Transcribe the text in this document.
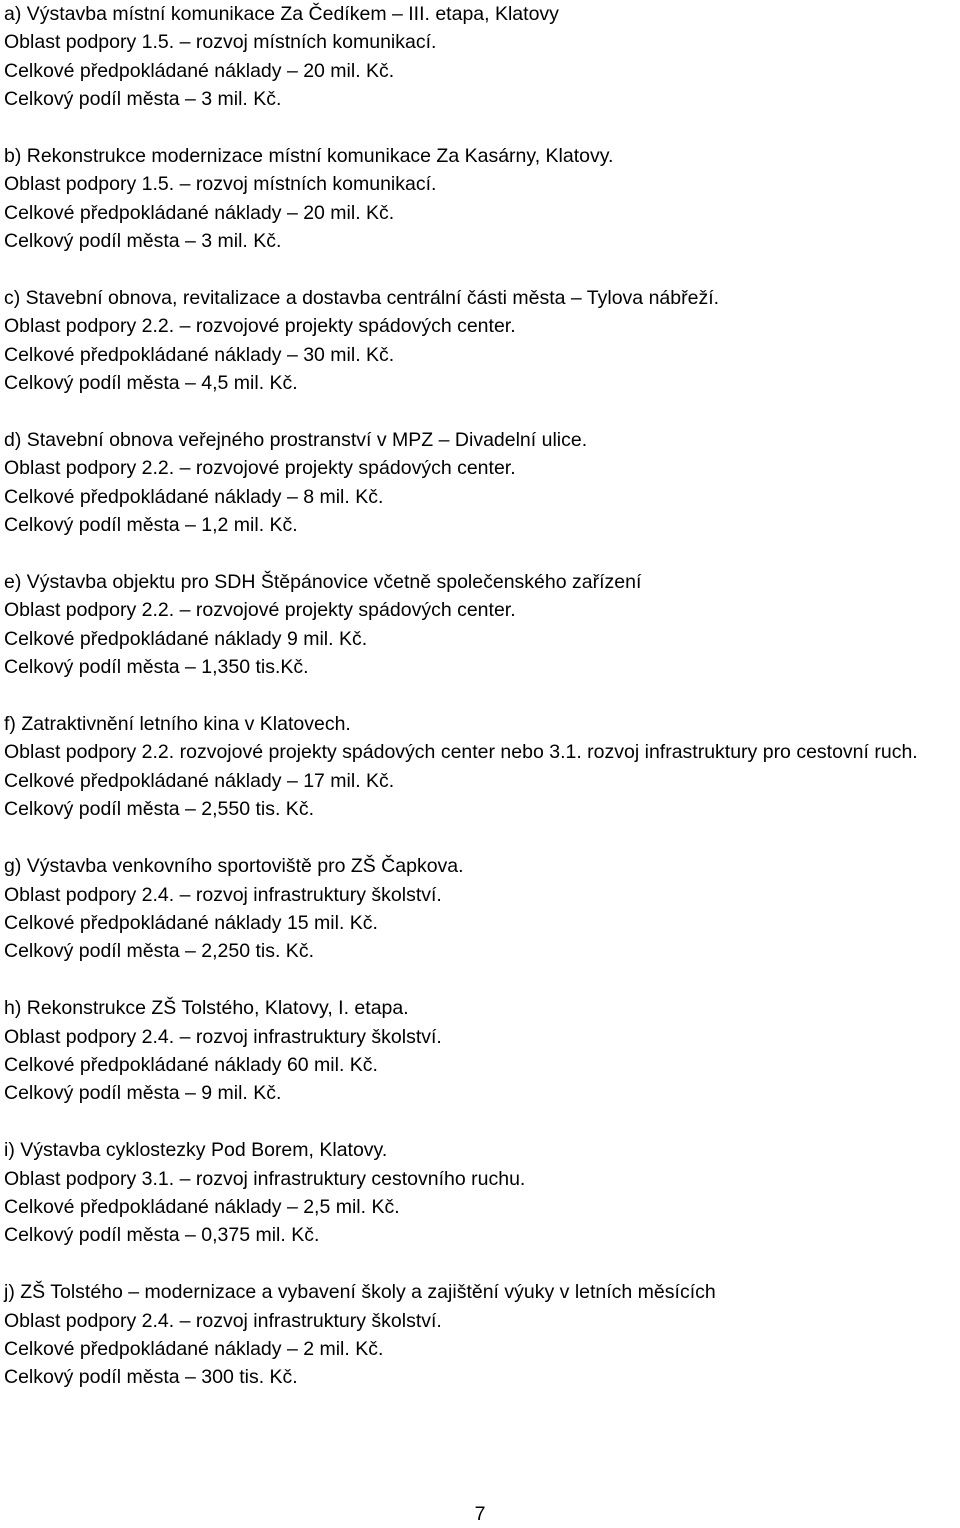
a) Výstavba místní komunikace Za Čedíkem – III. etapa, Klatovy
Oblast podpory 1.5. – rozvoj místních komunikací.
Celkové předpokládané náklady – 20 mil. Kč.
Celkový podíl města – 3 mil. Kč.
b) Rekonstrukce modernizace místní komunikace Za Kasárny, Klatovy.
Oblast podpory 1.5. – rozvoj místních komunikací.
Celkové předpokládané náklady – 20 mil. Kč.
Celkový podíl města – 3 mil. Kč.
c) Stavební obnova, revitalizace a dostavba centrální části města – Tylova nábřeží.
Oblast podpory 2.2. – rozvojové projekty spádových center.
Celkové předpokládané náklady – 30 mil. Kč.
Celkový podíl města – 4,5 mil. Kč.
d) Stavební obnova veřejného prostranství v MPZ – Divadelní ulice.
Oblast podpory 2.2. – rozvojové projekty spádových center.
Celkové předpokládané náklady – 8 mil. Kč.
Celkový podíl města – 1,2 mil. Kč.
e) Výstavba objektu pro SDH Štěpánovice včetně společenského zařízení
Oblast podpory 2.2. – rozvojové projekty spádových center.
Celkové předpokládané náklady 9 mil. Kč.
Celkový podíl města – 1,350 tis.Kč.
f) Zatraktivnění letního kina v Klatovech.
Oblast podpory 2.2. rozvojové projekty spádových center nebo 3.1. rozvoj infrastruktury pro cestovní ruch.
Celkové předpokládané náklady – 17 mil. Kč.
Celkový podíl města – 2,550 tis. Kč.
g) Výstavba venkovního sportoviště pro ZŠ Čapkova.
Oblast podpory 2.4. – rozvoj infrastruktury školství.
Celkové předpokládané náklady 15 mil. Kč.
Celkový podíl města – 2,250 tis. Kč.
h) Rekonstrukce ZŠ Tolstého, Klatovy, I. etapa.
Oblast podpory 2.4. – rozvoj infrastruktury školství.
Celkové předpokládané náklady 60 mil. Kč.
Celkový podíl města – 9 mil. Kč.
i) Výstavba cyklostezky Pod Borem, Klatovy.
Oblast podpory 3.1. – rozvoj infrastruktury cestovního ruchu.
Celkové předpokládané náklady – 2,5 mil. Kč.
Celkový podíl města – 0,375 mil. Kč.
j) ZŠ Tolstého – modernizace a vybavení školy a zajištění výuky v letních měsících
Oblast podpory 2.4. – rozvoj infrastruktury školství.
Celkové předpokládané náklady – 2 mil. Kč.
Celkový podíl města – 300 tis. Kč.
7
